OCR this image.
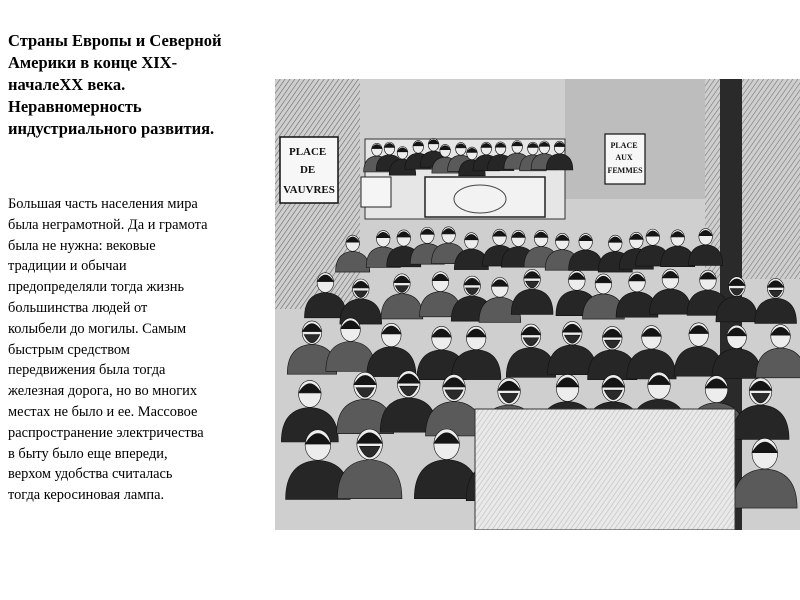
Страны Европы и Северной
Америки в конце XIX-
началеXX века.
Неравномерность
индустриального развития.
Большая часть населения мира
была неграмотной. Да и грамота
была не нужна: вековые
традиции и обычаи
предопределяли тогда жизнь
большинства людей от
колыбели до могилы. Самым
быстрым средством
передвижения была тогда
железная дорога, но во многих
местах не было и ее. Массовое
распространение электричества
в быту было еще впереди,
верхом удобства считалась
тогда керосиновая лампа.
PLACE DE VAUVRES
PLACE AUX FEMMES
